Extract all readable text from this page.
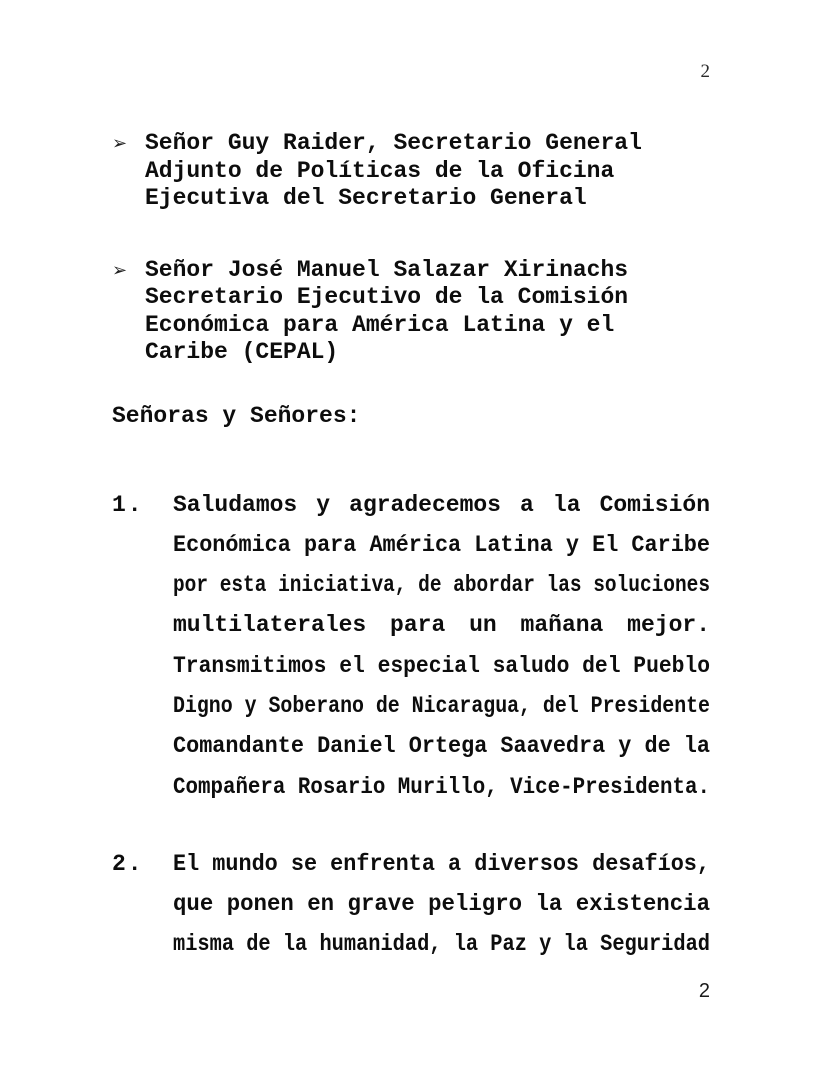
2
➢ Señor Guy Raider, Secretario General
Adjunto de Políticas de la Oficina
Ejecutiva del Secretario General
➢ Señor José Manuel Salazar Xirinachs
Secretario Ejecutivo de la Comisión
Económica para América Latina y el
Caribe (CEPAL)
Señoras y Señores:
1. Saludamos y agradecemos a la Comisión
Económica para América Latina y El Caribe
por esta iniciativa, de abordar las soluciones
multilaterales para un mañana mejor.
Transmitimos el especial saludo del Pueblo
Digno y Soberano de Nicaragua, del Presidente
Comandante Daniel Ortega Saavedra y de la
Compañera Rosario Murillo, Vice-Presidenta.
2. El mundo se enfrenta a diversos desafíos,
que ponen en grave peligro la existencia
misma de la humanidad, la Paz y la Seguridad
2
